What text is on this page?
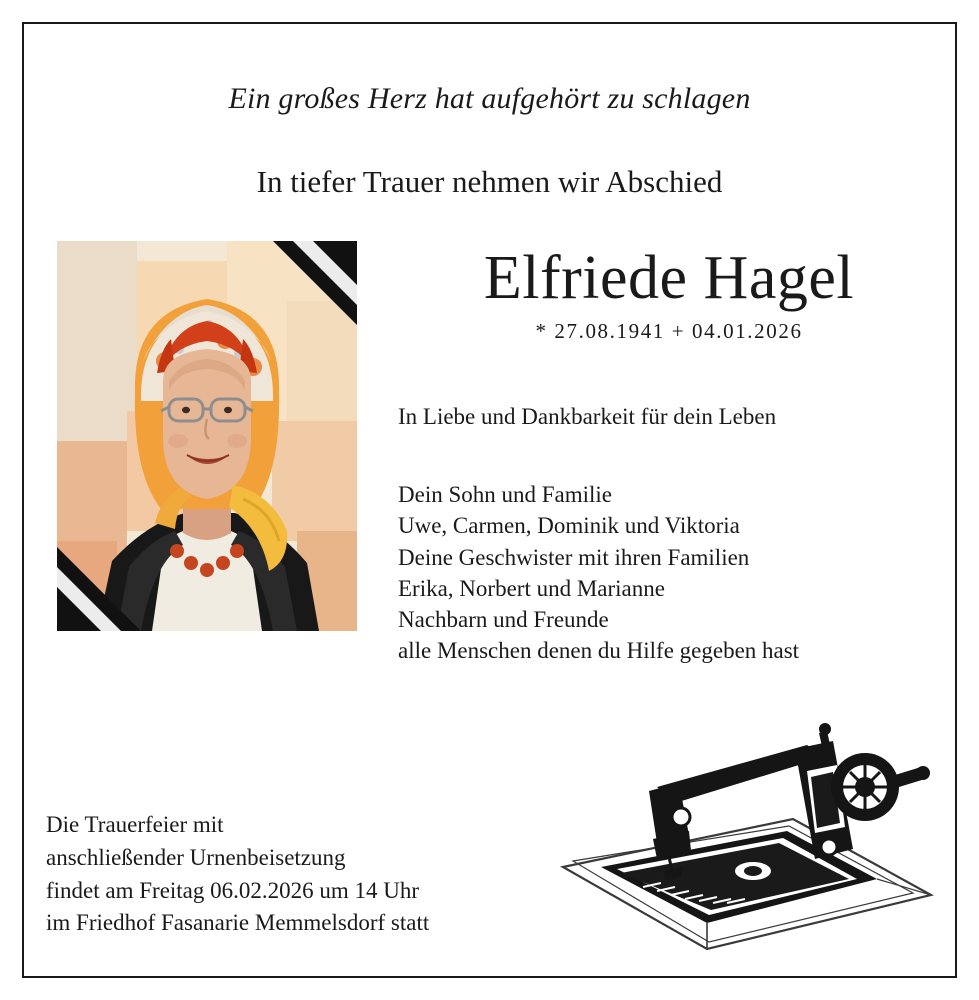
Ein großes Herz hat aufgehört zu schlagen
In tiefer Trauer nehmen wir Abschied
Elfriede Hagel
* 27.08.1941 + 04.01.2026
In Liebe und Dankbarkeit für dein Leben
Dein Sohn und Familie
Uwe, Carmen, Dominik und Viktoria
Deine Geschwister mit ihren Familien
Erika, Norbert und Marianne
Nachbarn und Freunde
alle Menschen denen du Hilfe gegeben hast
Die Trauerfeier mit
anschließender Urnenbeisetzung
findet am Freitag 06.02.2026 um 14 Uhr
im Friedhof Fasanarie Memmelsdorf statt
